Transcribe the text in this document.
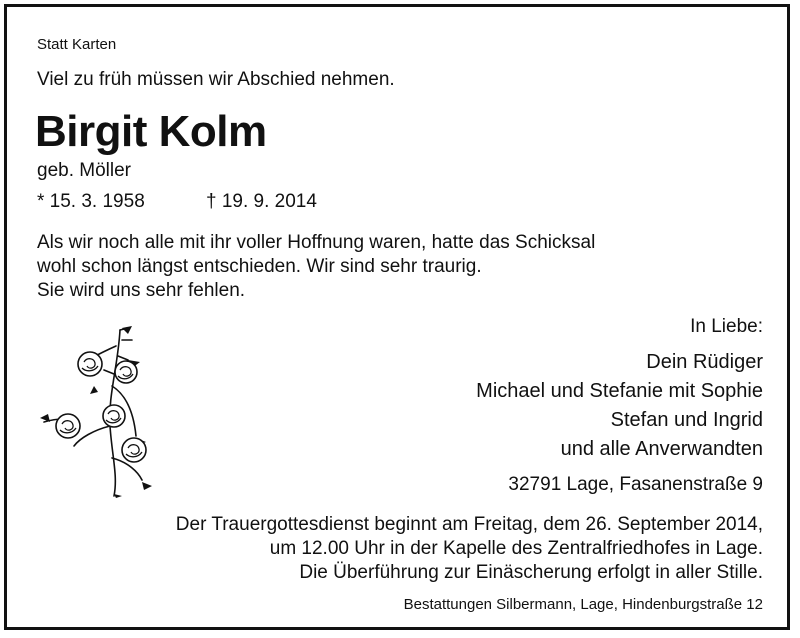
Statt Karten
Viel zu früh müssen wir Abschied nehmen.
Birgit Kolm
geb. Möller
* 15. 3. 1958	† 19. 9. 2014
Als wir noch alle mit ihr voller Hoffnung waren, hatte das Schicksal
wohl schon längst entschieden. Wir sind sehr traurig.
Sie wird uns sehr fehlen.
In Liebe:
Dein Rüdiger
Michael und Stefanie mit Sophie
Stefan und Ingrid
und alle Anverwandten
32791 Lage, Fasanenstraße 9
Der Trauergottesdienst beginnt am Freitag, dem 26. September 2014,
um 12.00 Uhr in der Kapelle des Zentralfriedhofes in Lage.
Die Überführung zur Einäscherung erfolgt in aller Stille.
Bestattungen Silbermann, Lage, Hindenburgstraße 12
